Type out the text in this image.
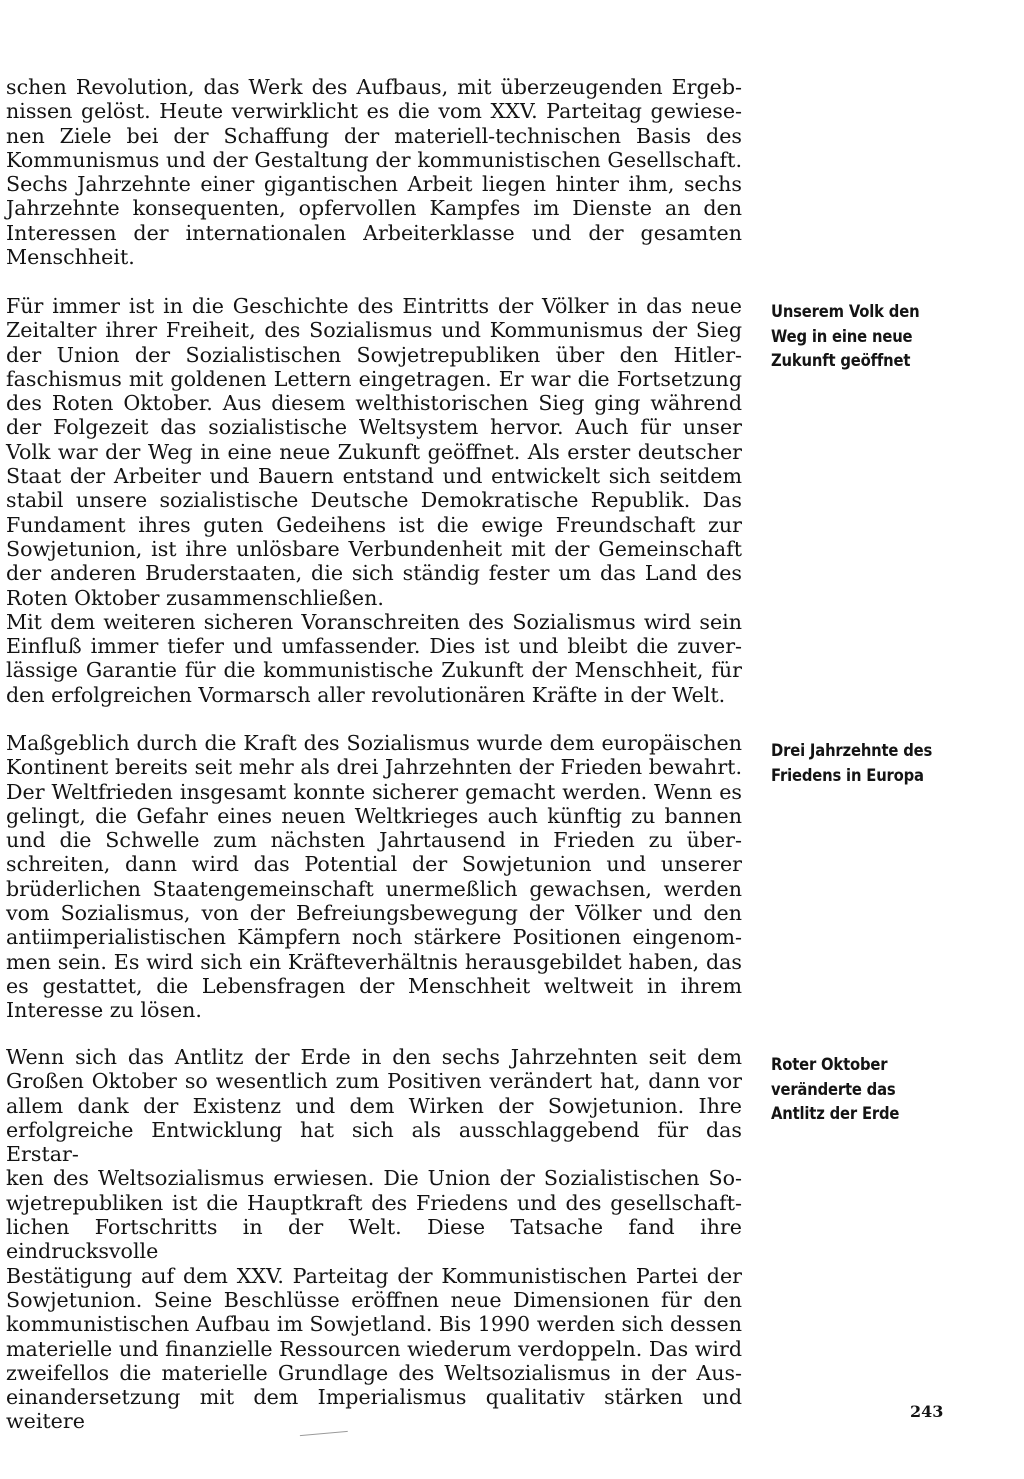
schen Revolution, das Werk des Aufbaus, mit überzeugenden Ergeb-
nissen gelöst. Heute verwirklicht es die vom XXV. Parteitag gewiese-
nen Ziele bei der Schaffung der materiell-technischen Basis des
Kommunismus und der Gestaltung der kommunistischen Gesellschaft.
Sechs Jahrzehnte einer gigantischen Arbeit liegen hinter ihm, sechs
Jahrzehnte konsequenten, opfervollen Kampfes im Dienste an den
Interessen der internationalen Arbeiterklasse und der gesamten
Menschheit.

Für immer ist in die Geschichte des Eintritts der Völker in das neue
Zeitalter ihrer Freiheit, des Sozialismus und Kommunismus der Sieg
der Union der Sozialistischen Sowjetrepubliken über den Hitler-
faschismus mit goldenen Lettern eingetragen. Er war die Fortsetzung
des Roten Oktober. Aus diesem welthistorischen Sieg ging während
der Folgezeit das sozialistische Weltsystem hervor. Auch für unser
Volk war der Weg in eine neue Zukunft geöffnet. Als erster deutscher
Staat der Arbeiter und Bauern entstand und entwickelt sich seitdem
stabil unsere sozialistische Deutsche Demokratische Republik. Das
Fundament ihres guten Gedeihens ist die ewige Freundschaft zur
Sowjetunion, ist ihre unlösbare Verbundenheit mit der Gemeinschaft
der anderen Bruderstaaten, die sich ständig fester um das Land des
Roten Oktober zusammenschließen.
Mit dem weiteren sicheren Voranschreiten des Sozialismus wird sein
Einfluß immer tiefer und umfassender. Dies ist und bleibt die zuver-
lässige Garantie für die kommunistische Zukunft der Menschheit, für
den erfolgreichen Vormarsch aller revolutionären Kräfte in der Welt.

Maßgeblich durch die Kraft des Sozialismus wurde dem europäischen
Kontinent bereits seit mehr als drei Jahrzehnten der Frieden bewahrt.
Der Weltfrieden insgesamt konnte sicherer gemacht werden. Wenn es
gelingt, die Gefahr eines neuen Weltkrieges auch künftig zu bannen
und die Schwelle zum nächsten Jahrtausend in Frieden zu über-
schreiten, dann wird das Potential der Sowjetunion und unserer
brüderlichen Staatengemeinschaft unermeßlich gewachsen, werden
vom Sozialismus, von der Befreiungsbewegung der Völker und den
antiimperialistischen Kämpfern noch stärkere Positionen eingenom-
men sein. Es wird sich ein Kräfteverhältnis herausgebildet haben, das
es gestattet, die Lebensfragen der Menschheit weltweit in ihrem
Interesse zu lösen.

Wenn sich das Antlitz der Erde in den sechs Jahrzehnten seit dem
Großen Oktober so wesentlich zum Positiven verändert hat, dann vor
allem dank der Existenz und dem Wirken der Sowjetunion. Ihre
erfolgreiche Entwicklung hat sich als ausschlaggebend für das Erstar-
ken des Weltsozialismus erwiesen. Die Union der Sozialistischen So-
wjetrepubliken ist die Hauptkraft des Friedens und des gesellschaft-
lichen Fortschritts in der Welt. Diese Tatsache fand ihre eindrucksvolle
Bestätigung auf dem XXV. Parteitag der Kommunistischen Partei der
Sowjetunion. Seine Beschlüsse eröffnen neue Dimensionen für den
kommunistischen Aufbau im Sowjetland. Bis 1990 werden sich dessen
materielle und finanzielle Ressourcen wiederum verdoppeln. Das wird
zweifellos die materielle Grundlage des Weltsozialismus in der Aus-
einandersetzung mit dem Imperialismus qualitativ stärken und weitere

Unserem Volk den
Weg in eine neue
Zukunft geöffnet
Drei Jahrzehnte des
Friedens in Europa
Roter Oktober
veränderte das
Antlitz der Erde
243
